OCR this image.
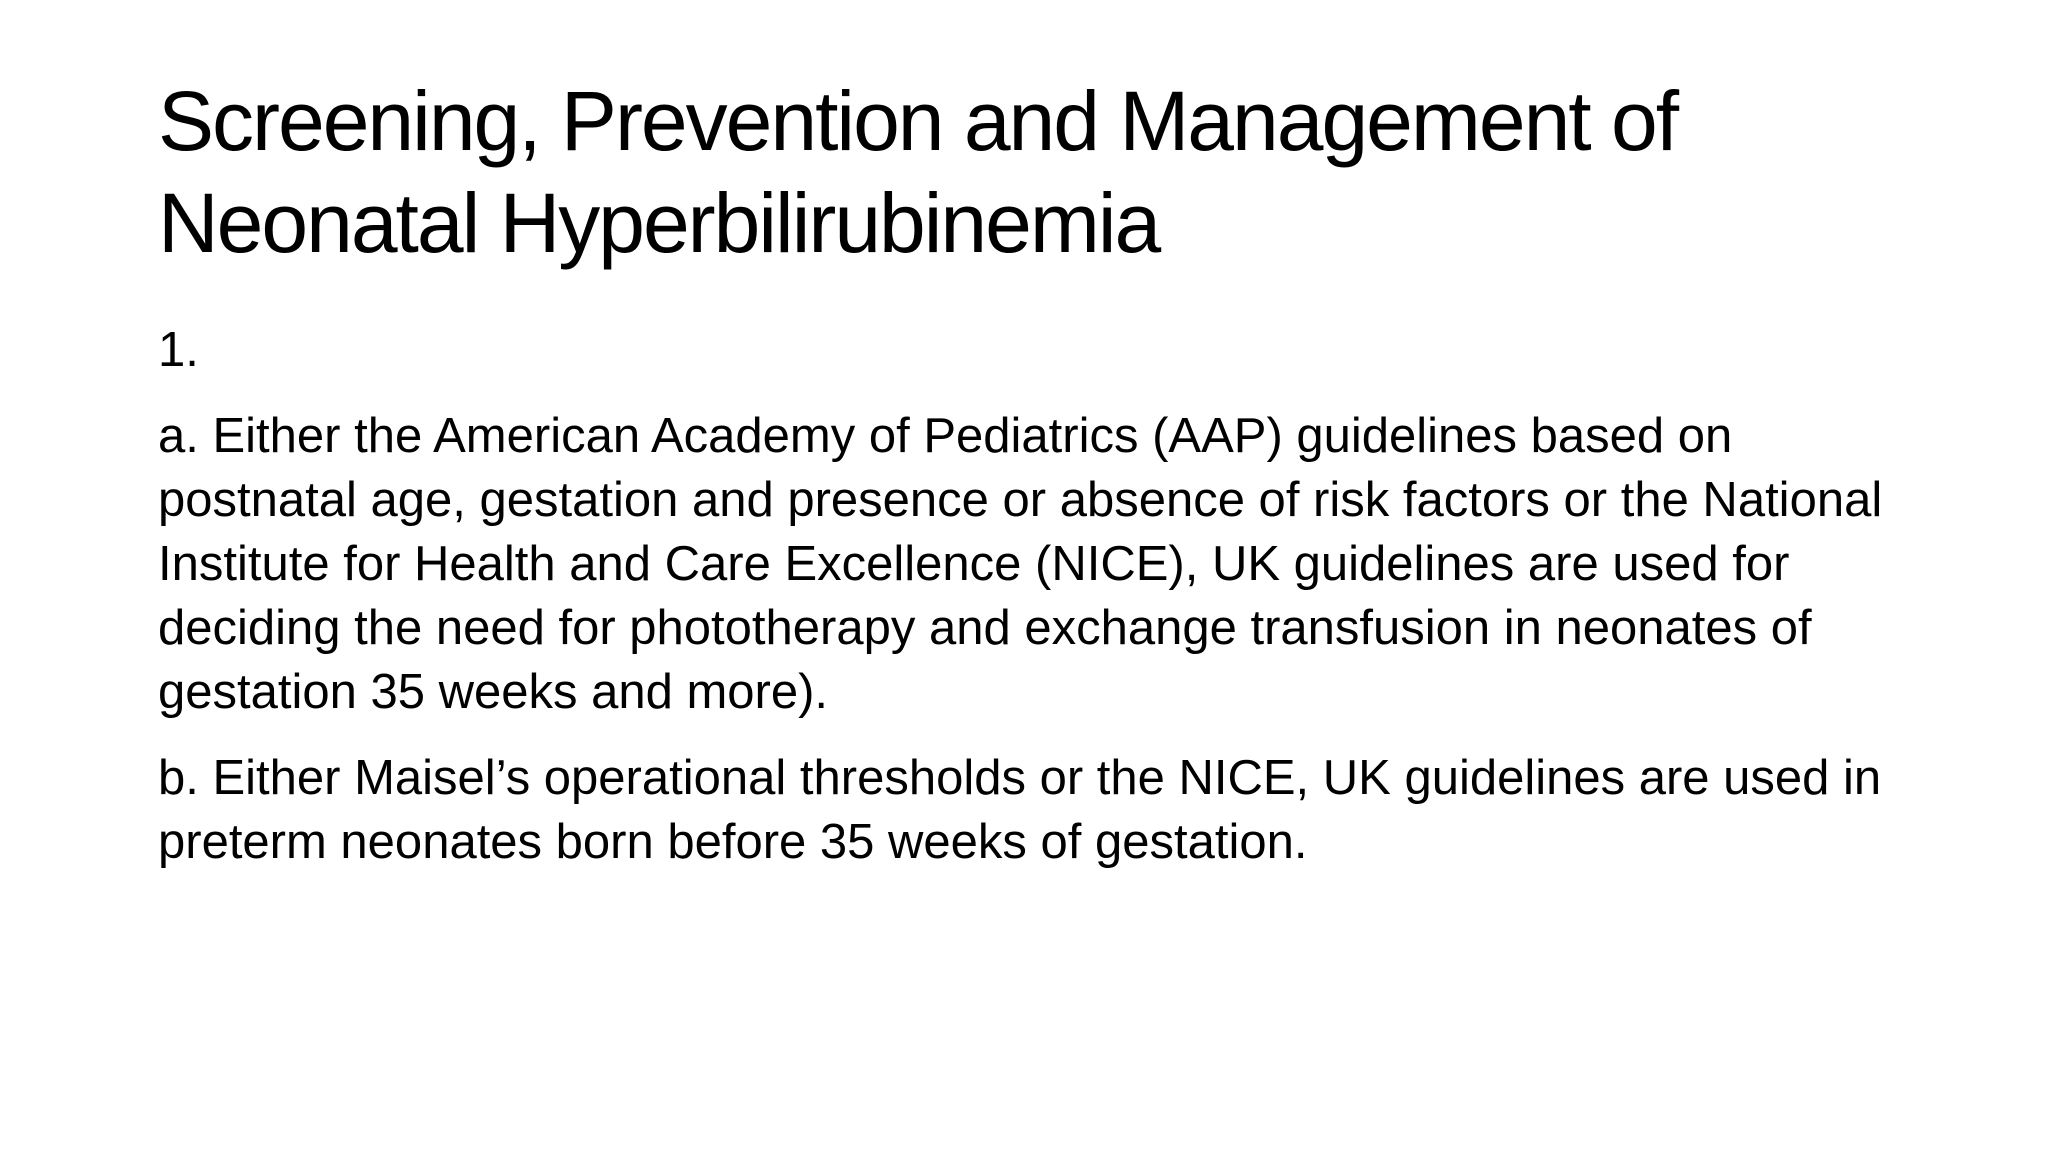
Screening, Prevention and Management of Neonatal Hyperbilirubinemia

1.

a. Either the American Academy of Pediatrics (AAP) guidelines based on postnatal age, gestation and presence or absence of risk factors or the National Institute for Health and Care Excellence (NICE), UK guidelines are used for deciding the need for phototherapy and exchange transfusion in neonates of gestation 35 weeks and more).

b. Either Maisel’s operational thresholds or the NICE, UK guidelines are used in preterm neonates born before 35 weeks of gestation.
